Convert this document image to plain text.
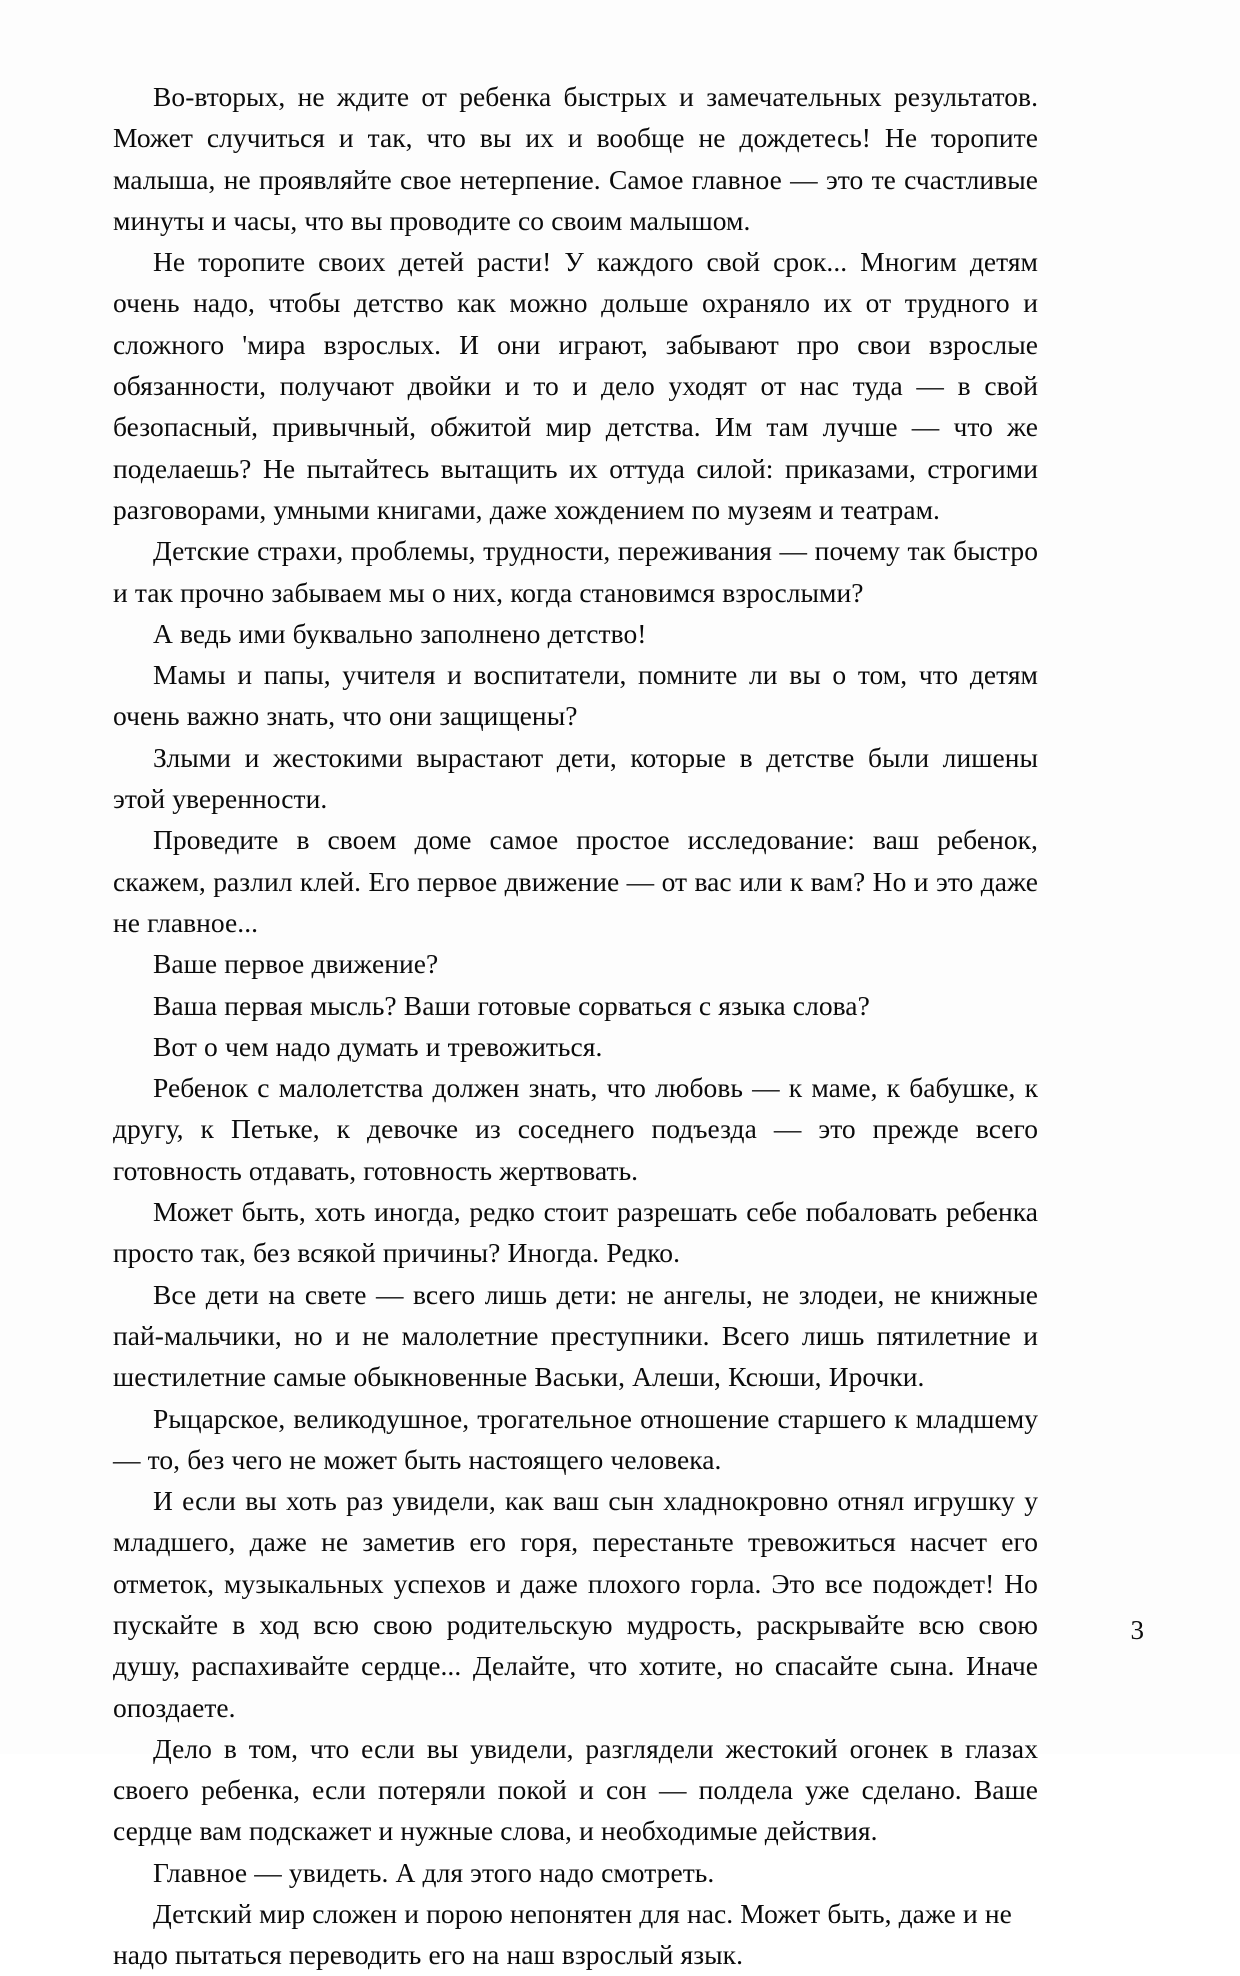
Во-вторых, не ждите от ребенка быстрых и замечательных результатов. Может случиться и так, что вы их и вообще не дождетесь! Не торопите малыша, не проявляйте свое нетерпение. Самое главное — это те счастливые минуты и часы, что вы проводите со своим малышом.

Не торопите своих детей расти! У каждого свой срок... Многим детям очень надо, чтобы детство как можно дольше охраняло их от трудного и сложного 'мира взрослых. И они играют, забывают про свои взрослые обязанности, получают двойки и то и дело уходят от нас туда — в свой безопасный, привычный, обжитой мир детства. Им там лучше — что же поделаешь? Не пытайтесь вытащить их оттуда силой: приказами, строгими разговорами, умными книгами, даже хождением по музеям и театрам.

Детские страхи, проблемы, трудности, переживания — почему так быстро и так прочно забываем мы о них, когда становимся взрослыми?

А ведь ими буквально заполнено детство!

Мамы и папы, учителя и воспитатели, помните ли вы о том, что детям очень важно знать, что они защищены?

Злыми и жестокими вырастают дети, которые в детстве были лишены этой уверенности.

Проведите в своем доме самое простое исследование: ваш ребенок, скажем, разлил клей. Его первое движение — от вас или к вам? Но и это даже не главное...

Ваше первое движение?

Ваша первая мысль? Ваши готовые сорваться с языка слова?

Вот о чем надо думать и тревожиться.

Ребенок с малолетства должен знать, что любовь — к маме, к бабушке, к другу, к Петьке, к девочке из соседнего подъезда — это прежде всего готовность отдавать, готовность жертвовать.

Может быть, хоть иногда, редко стоит разрешать себе побаловать ребенка просто так, без всякой причины? Иногда. Редко.

Все дети на свете — всего лишь дети: не ангелы, не злодеи, не книжные пай-мальчики, но и не малолетние преступники. Всего лишь пятилетние и шестилетние самые обыкновенные Васьки, Алеши, Ксюши, Ирочки.

Рыцарское, великодушное, трогательное отношение старшего к младшему — то, без чего не может быть настоящего человека.

И если вы хоть раз увидели, как ваш сын хладнокровно отнял игрушку у младшего, даже не заметив его горя, перестаньте тревожиться насчет его отметок, музыкальных успехов и даже плохого горла. Это все подождет! Но пускайте в ход всю свою родительскую мудрость, раскрывайте всю свою душу, распахивайте сердце... Делайте, что хотите, но спасайте сына. Иначе опоздаете.

Дело в том, что если вы увидели, разглядели жестокий огонек в глазах своего ребенка, если потеряли покой и сон — полдела уже сделано. Ваше сердце вам подскажет и нужные слова, и необходимые действия.

Главное — увидеть. А для этого надо смотреть.

Детский мир сложен и порою непонятен для нас. Может быть, даже и не надо пытаться переводить его на наш взрослый язык.

3
